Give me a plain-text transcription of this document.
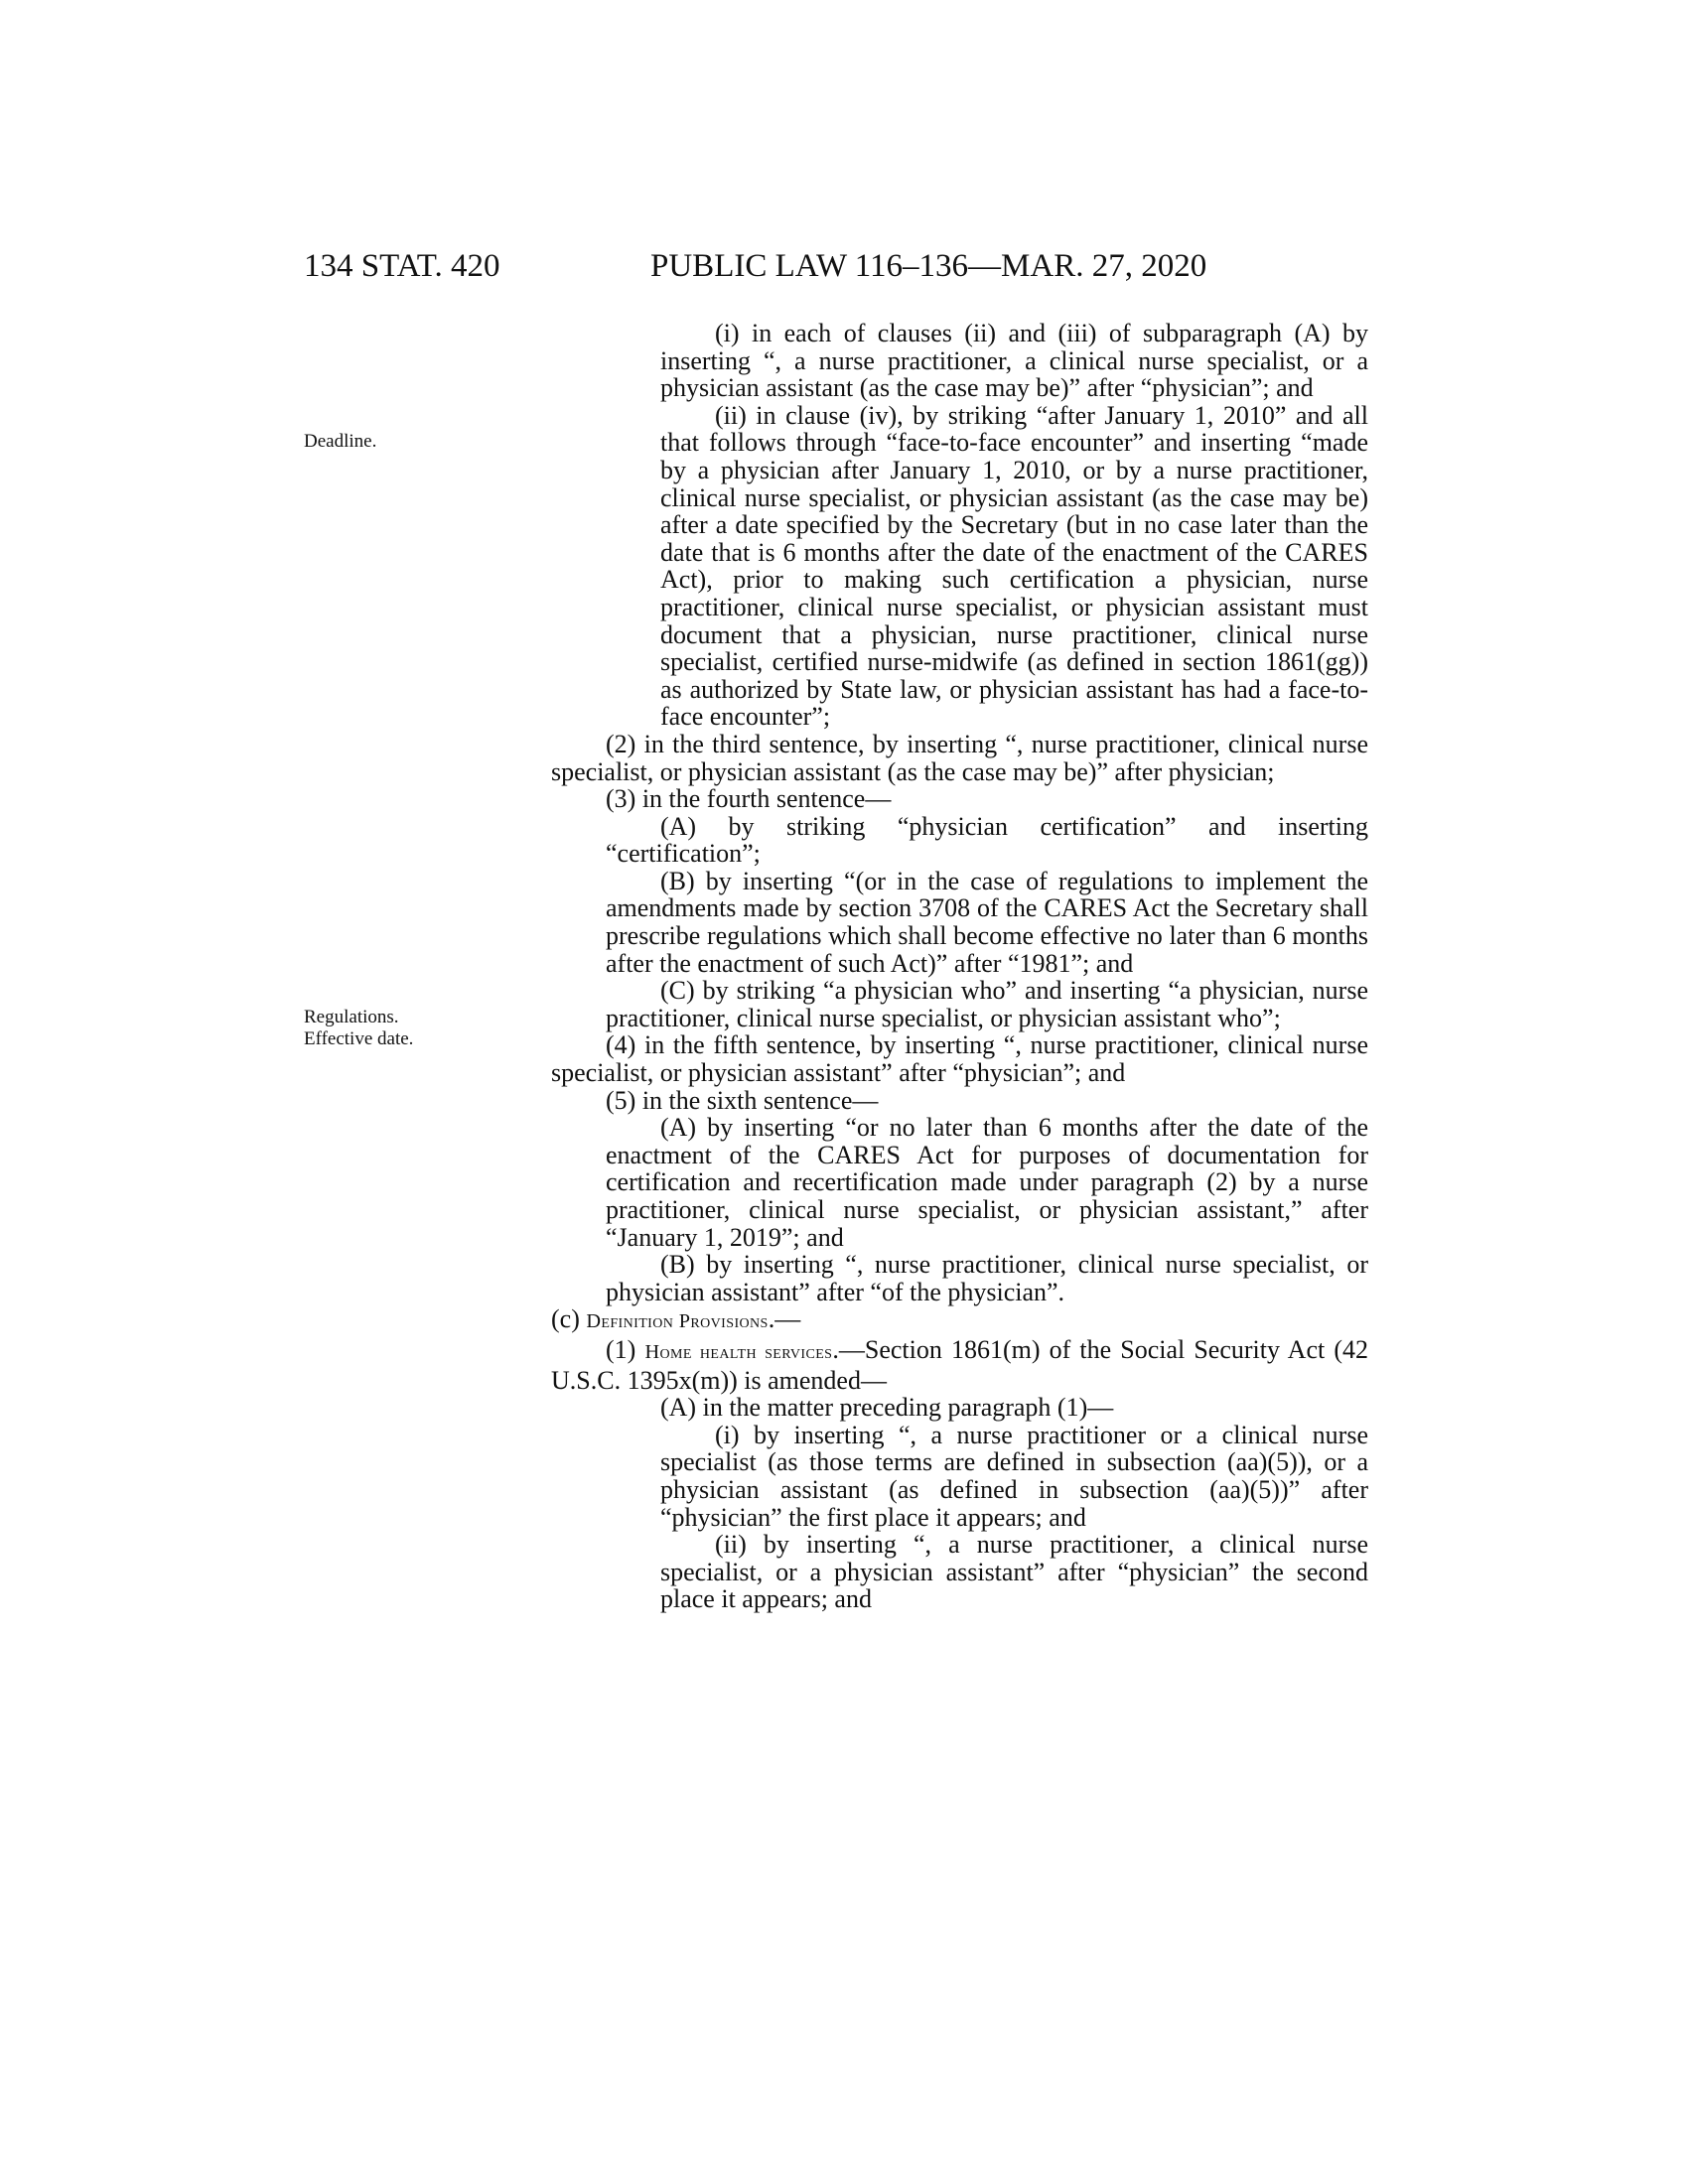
134 STAT. 420	PUBLIC LAW 116–136—MAR. 27, 2020
Deadline.
Regulations.
Effective date.

(i) in each of clauses (ii) and (iii) of subparagraph (A) by inserting “, a nurse practitioner, a clinical nurse specialist, or a physician assistant (as the case may be)” after “physician”; and

(ii) in clause (iv), by striking “after January 1, 2010” and all that follows through “face-to-face encounter” and inserting “made by a physician after January 1, 2010, or by a nurse practitioner, clinical nurse specialist, or physician assistant (as the case may be) after a date specified by the Secretary (but in no case later than the date that is 6 months after the date of the enactment of the CARES Act), prior to making such certification a physician, nurse practitioner, clinical nurse specialist, or physician assistant must document that a physician, nurse practitioner, clinical nurse specialist, certified nurse-midwife (as defined in section 1861(gg)) as authorized by State law, or physician assistant has had a face-to-face encounter”;

(2) in the third sentence, by inserting “, nurse practitioner, clinical nurse specialist, or physician assistant (as the case may be)” after physician;

(3) in the fourth sentence—

(A) by striking “physician certification” and inserting “certification”;

(B) by inserting “(or in the case of regulations to implement the amendments made by section 3708 of the CARES Act the Secretary shall prescribe regulations which shall become effective no later than 6 months after the enactment of such Act)” after “1981”; and

(C) by striking “a physician who” and inserting “a physician, nurse practitioner, clinical nurse specialist, or physician assistant who”;

(4) in the fifth sentence, by inserting “, nurse practitioner, clinical nurse specialist, or physician assistant” after “physician”; and

(5) in the sixth sentence—

(A) by inserting “or no later than 6 months after the date of the enactment of the CARES Act for purposes of documentation for certification and recertification made under paragraph (2) by a nurse practitioner, clinical nurse specialist, or physician assistant,” after “January 1, 2019”; and

(B) by inserting “, nurse practitioner, clinical nurse specialist, or physician assistant” after “of the physician”.

(c) Definition Provisions.—

(1) Home health services.—Section 1861(m) of the Social Security Act (42 U.S.C. 1395x(m)) is amended—

(A) in the matter preceding paragraph (1)—

(i) by inserting “, a nurse practitioner or a clinical nurse specialist (as those terms are defined in subsection (aa)(5)), or a physician assistant (as defined in subsection (aa)(5))” after “physician” the first place it appears; and

(ii) by inserting “, a nurse practitioner, a clinical nurse specialist, or a physician assistant” after “physician” the second place it appears; and
